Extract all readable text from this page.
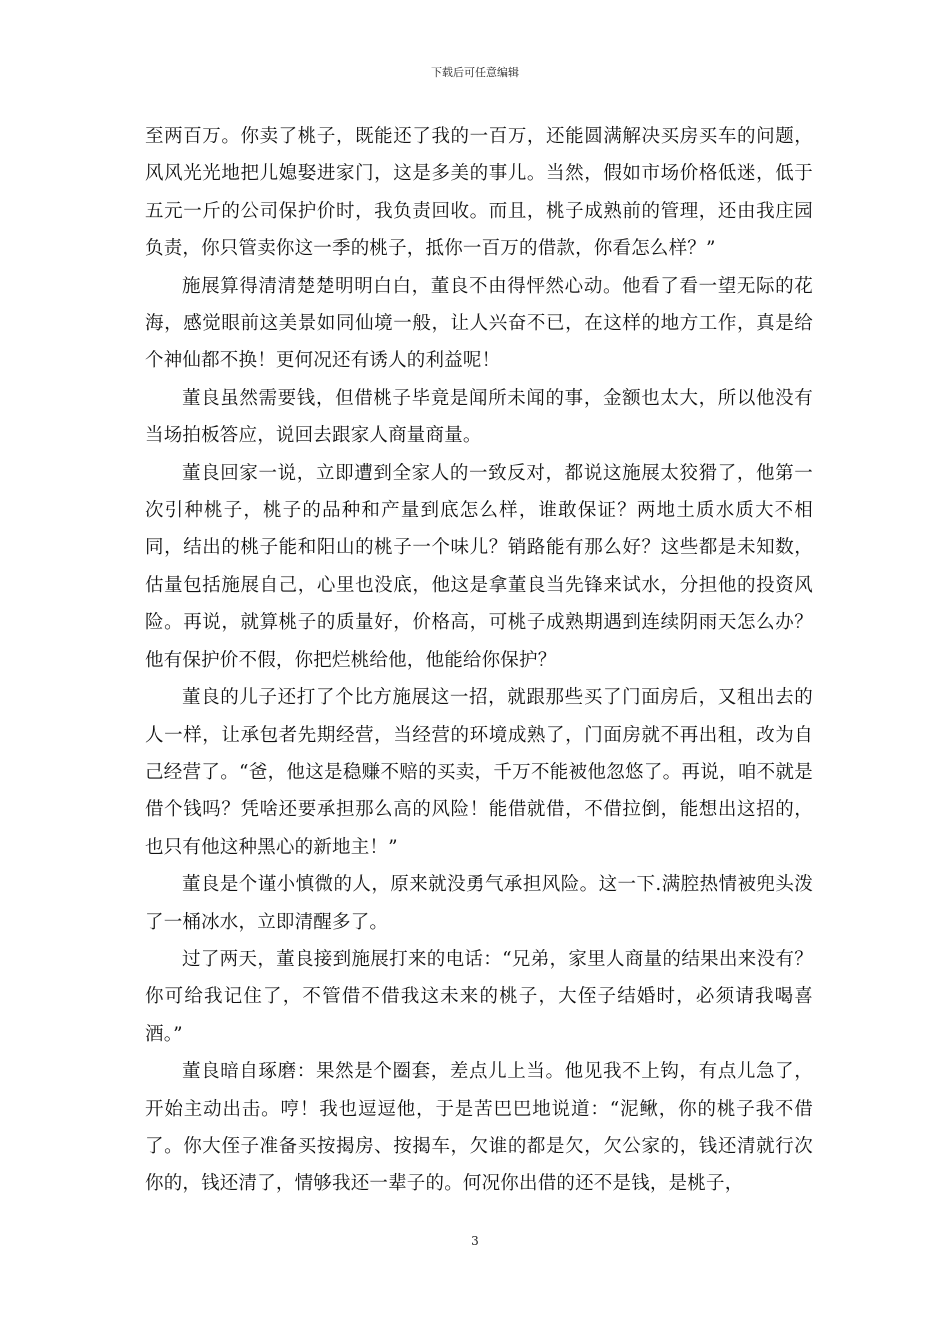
下载后可任意编辑

至两百万。你卖了桃子，既能还了我的一百万，还能圆满解决买房买车的问题，风风光光地把儿媳娶进家门，这是多美的事儿。当然，假如市场价格低迷，低于五元一斤的公司保护价时，我负责回收。而且，桃子成熟前的管理，还由我庄园负责，你只管卖你这一季的桃子，抵你一百万的借款，你看怎么样？”

施展算得清清楚楚明明白白，董良不由得怦然心动。他看了看一望无际的花海，感觉眼前这美景如同仙境一般，让人兴奋不已，在这样的地方工作，真是给个神仙都不换！更何况还有诱人的利益呢！

董良虽然需要钱，但借桃子毕竟是闻所未闻的事，金额也太大，所以他没有当场拍板答应，说回去跟家人商量商量。

董良回家一说，立即遭到全家人的一致反对，都说这施展太狡猾了，他第一次引种桃子，桃子的品种和产量到底怎么样，谁敢保证？两地土质水质大不相同，结出的桃子能和阳山的桃子一个味儿？销路能有那么好？这些都是未知数，估量包括施展自己，心里也没底，他这是拿董良当先锋来试水，分担他的投资风险。再说，就算桃子的质量好，价格高，可桃子成熟期遇到连续阴雨天怎么办？他有保护价不假，你把烂桃给他，他能给你保护？

董良的儿子还打了个比方施展这一招，就跟那些买了门面房后，又租出去的人一样，让承包者先期经营，当经营的环境成熟了，门面房就不再出租，改为自己经营了。“爸，他这是稳赚不赔的买卖，千万不能被他忽悠了。再说，咱不就是借个钱吗？凭啥还要承担那么高的风险！能借就借，不借拉倒，能想出这招的，也只有他这种黑心的新地主！”

董良是个谨小慎微的人，原来就没勇气承担风险。这一下.满腔热情被兜头泼了一桶冰水，立即清醒多了。

过了两天，董良接到施展打来的电话：“兄弟，家里人商量的结果出来没有？你可给我记住了，不管借不借我这未来的桃子，大侄子结婚时，必须请我喝喜酒。”

董良暗自琢磨：果然是个圈套，差点儿上当。他见我不上钩，有点儿急了，开始主动出击。哼！我也逗逗他，于是苦巴巴地说道：“泥鳅，你的桃子我不借了。你大侄子准备买按揭房、按揭车，欠谁的都是欠，欠公家的，钱还清就行次你的，钱还清了，情够我还一辈子的。何况你出借的还不是钱，是桃子，

3
